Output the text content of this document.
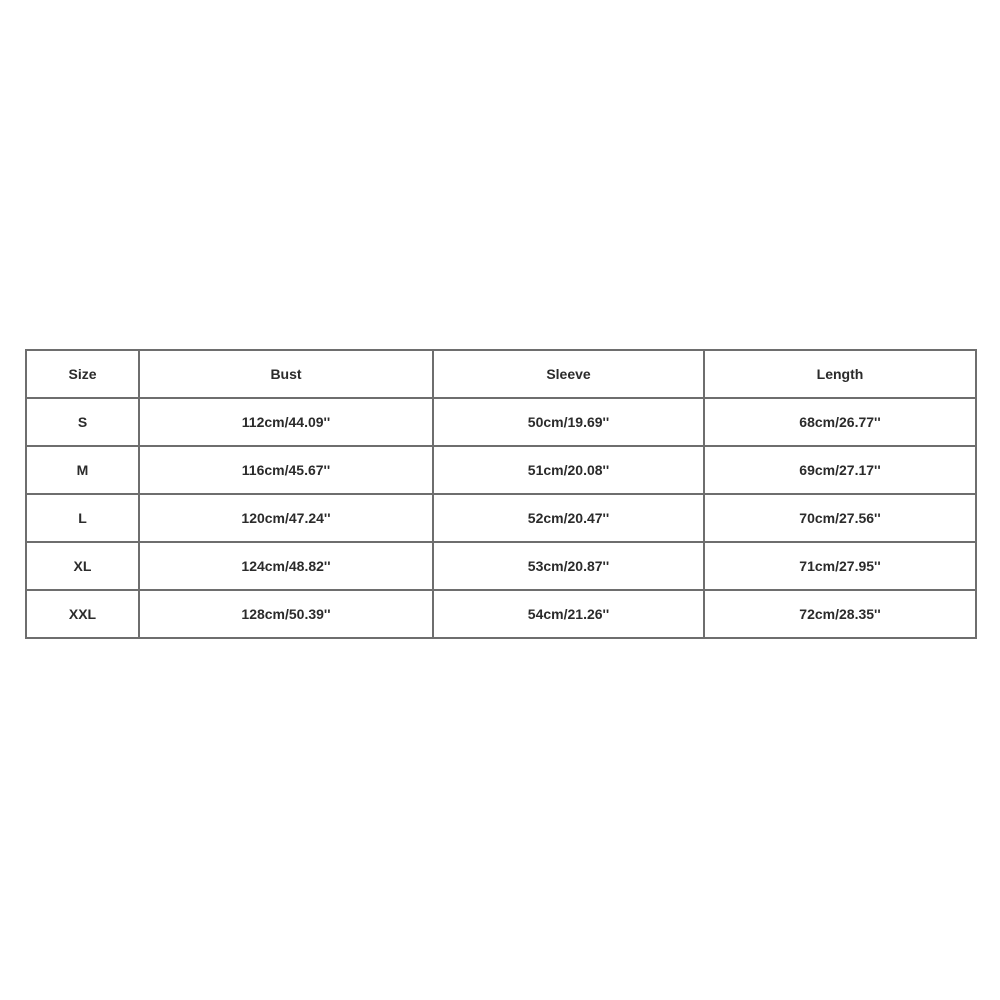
Size	Bust	Sleeve	Length
S	112cm/44.09''	50cm/19.69''	68cm/26.77''
M	116cm/45.67''	51cm/20.08''	69cm/27.17''
L	120cm/47.24''	52cm/20.47''	70cm/27.56''
XL	124cm/48.82''	53cm/20.87''	71cm/27.95''
XXL	128cm/50.39''	54cm/21.26''	72cm/28.35''
